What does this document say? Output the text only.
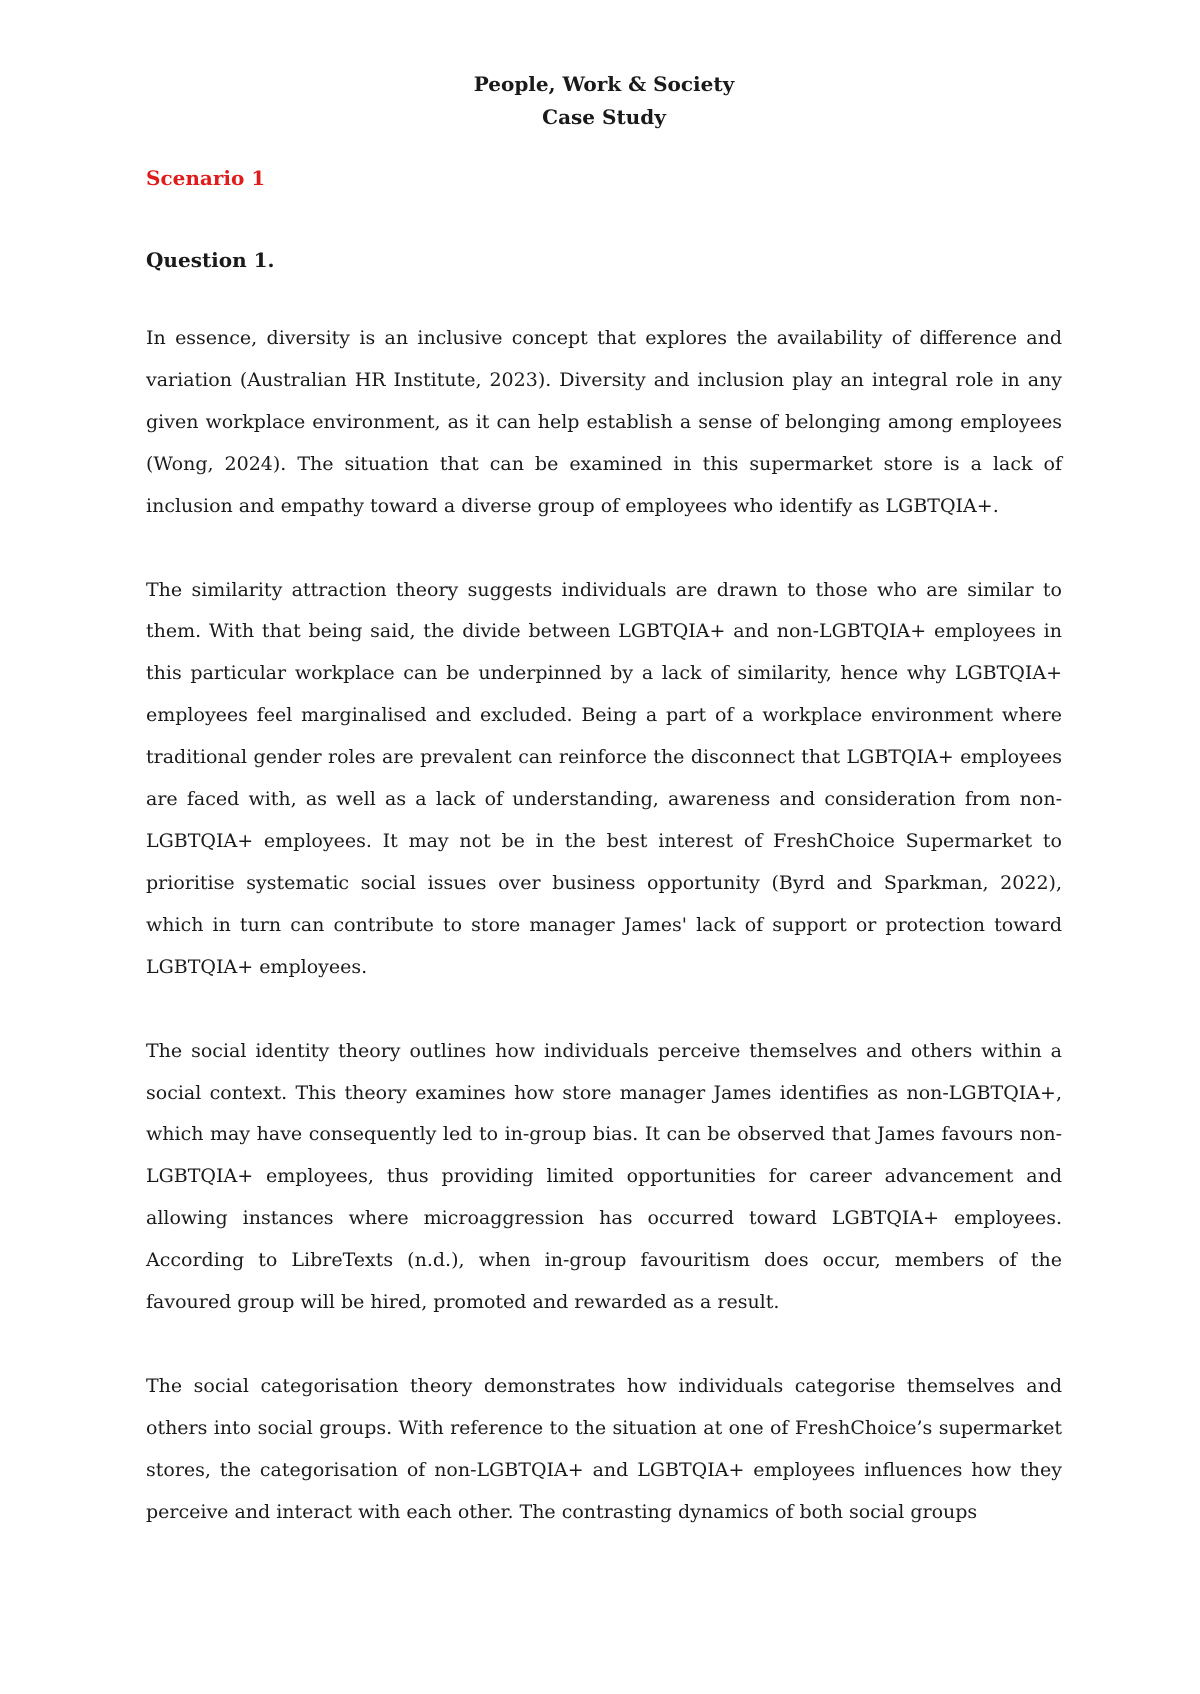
People, Work & Society
Case Study

Scenario 1

Question 1.

In essence, diversity is an inclusive concept that explores the availability of difference and variation (Australian HR Institute, 2023). Diversity and inclusion play an integral role in any given workplace environment, as it can help establish a sense of belonging among employees (Wong, 2024). The situation that can be examined in this supermarket store is a lack of inclusion and empathy toward a diverse group of employees who identify as LGBTQIA+.

The similarity attraction theory suggests individuals are drawn to those who are similar to them. With that being said, the divide between LGBTQIA+ and non-LGBTQIA+ employees in this particular workplace can be underpinned by a lack of similarity, hence why LGBTQIA+ employees feel marginalised and excluded. Being a part of a workplace environment where traditional gender roles are prevalent can reinforce the disconnect that LGBTQIA+ employees are faced with, as well as a lack of understanding, awareness and consideration from non-LGBTQIA+ employees. It may not be in the best interest of FreshChoice Supermarket to prioritise systematic social issues over business opportunity (Byrd and Sparkman, 2022), which in turn can contribute to store manager James' lack of support or protection toward LGBTQIA+ employees.

The social identity theory outlines how individuals perceive themselves and others within a social context. This theory examines how store manager James identifies as non-LGBTQIA+, which may have consequently led to in-group bias. It can be observed that James favours non-LGBTQIA+ employees, thus providing limited opportunities for career advancement and allowing instances where microaggression has occurred toward LGBTQIA+ employees. According to LibreTexts (n.d.), when in-group favouritism does occur, members of the favoured group will be hired, promoted and rewarded as a result.

The social categorisation theory demonstrates how individuals categorise themselves and others into social groups. With reference to the situation at one of FreshChoice’s supermarket stores, the categorisation of non-LGBTQIA+ and LGBTQIA+ employees influences how they perceive and interact with each other. The contrasting dynamics of both social groups
